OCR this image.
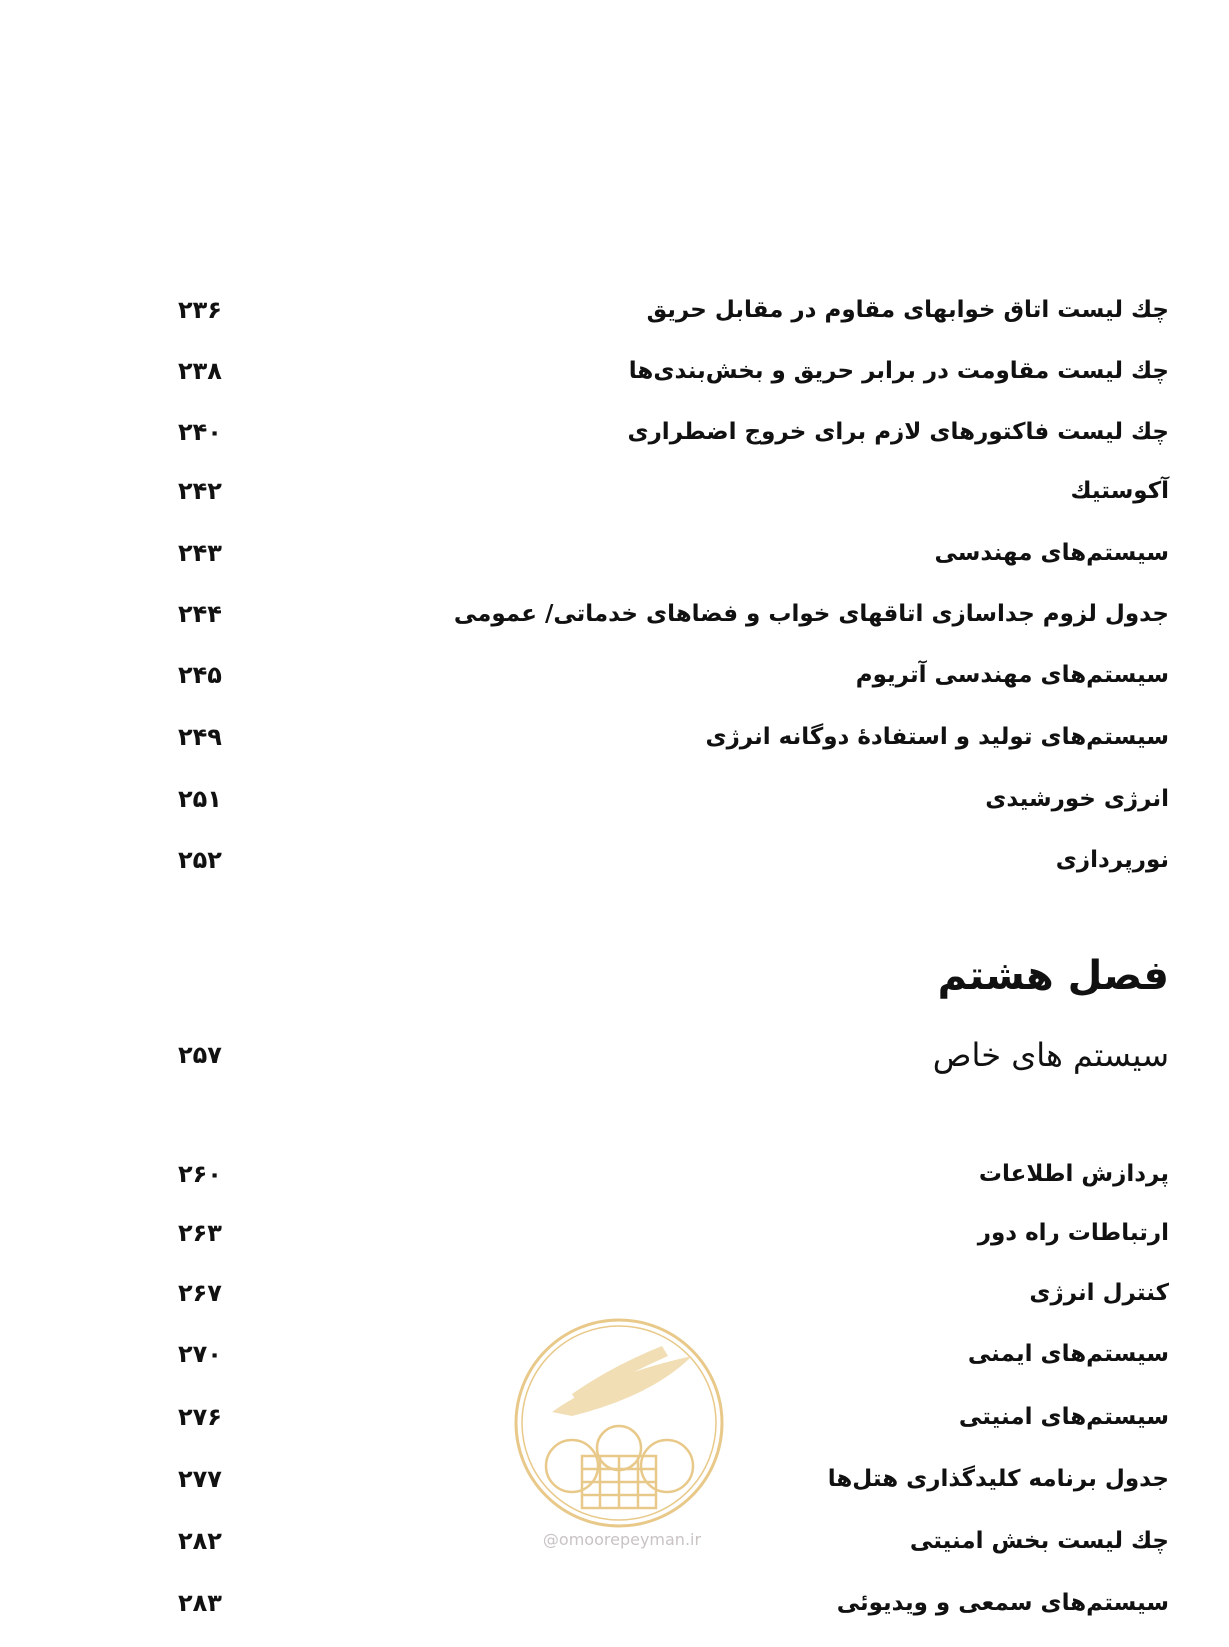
چك ليست اتاق خوابهای مقاوم در مقابل حريق
۲۳۶
چك ليست مقاومت در برابر حريق و بخش‌بندی‌ها
۲۳۸
چك ليست فاكتورهای لازم برای خروج اضطراری
۲۴۰
آكوستيك
۲۴۲
سيستم‌های مهندسی
۲۴۳
جدول لزوم جداسازی اتاقهای خواب و فضاهای خدماتی/ عمومی
۲۴۴
سيستم‌های مهندسی آتريوم
۲۴۵
سيستم‌های توليد و استفادهٔ دوگانه انرژی
۲۴۹
انرژی خورشيدی
۲۵۱
نورپردازی
۲۵۲
فصل هشتم
سيستم های خاص
۲۵۷
پردازش اطلاعات
۲۶۰
ارتباطات راه دور
۲۶۳
كنترل انرژی
۲۶۷
سيستم‌های ايمنی
۲۷۰
سيستم‌های امنيتی
۲۷۶
جدول برنامه كليدگذاری هتل‌ها
۲۷۷
چك ليست بخش امنيتی
۲۸۲
سيستم‌های سمعی و ويديوئی
۲۸۳
@omoorepeyman.ir
